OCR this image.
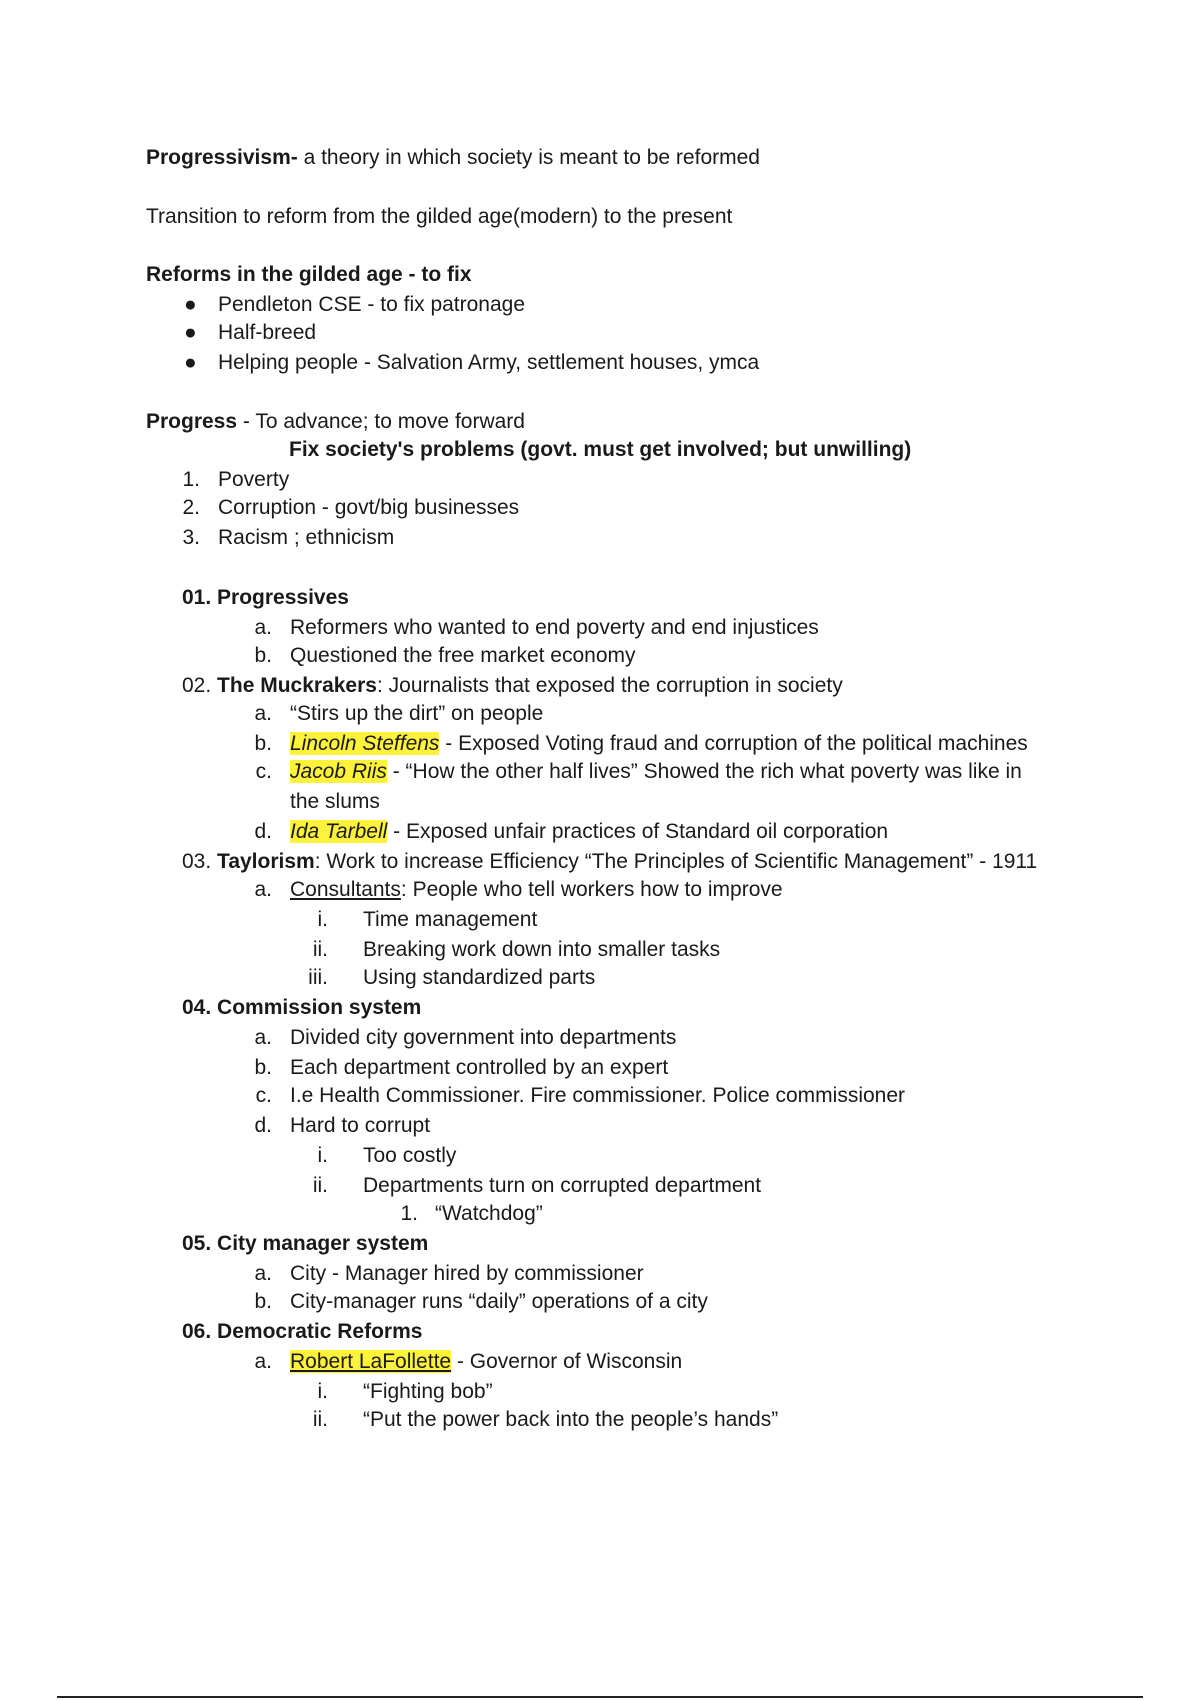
Progressivism- a theory in which society is meant to be reformed
Transition to reform from the gilded age(modern) to the present
Reforms in the gilded age - to fix
● Pendleton CSE - to fix patronage
● Half-breed
● Helping people - Salvation Army, settlement houses, ymca
Progress - To advance; to move forward
Fix society's problems (govt. must get involved; but unwilling)
1. Poverty
2. Corruption - govt/big businesses
3. Racism ; ethnicism
01. Progressives
a. Reformers who wanted to end poverty and end injustices
b. Questioned the free market economy
02. The Muckrakers: Journalists that exposed the corruption in society
a. “Stirs up the dirt” on people
b. Lincoln Steffens - Exposed Voting fraud and corruption of the political machines
c. Jacob Riis - “How the other half lives” Showed the rich what poverty was like in
the slums
d. Ida Tarbell - Exposed unfair practices of Standard oil corporation
03. Taylorism: Work to increase Efficiency “The Principles of Scientific Management” - 1911
a. Consultants: People who tell workers how to improve
i. Time management
ii. Breaking work down into smaller tasks
iii. Using standardized parts
04. Commission system
a. Divided city government into departments
b. Each department controlled by an expert
c. I.e Health Commissioner. Fire commissioner. Police commissioner
d. Hard to corrupt
i. Too costly
ii. Departments turn on corrupted department
1. “Watchdog”
05. City manager system
a. City - Manager hired by commissioner
b. City-manager runs “daily” operations of a city
06. Democratic Reforms
a. Robert LaFollette - Governor of Wisconsin
i. “Fighting bob”
ii. “Put the power back into the people’s hands”
